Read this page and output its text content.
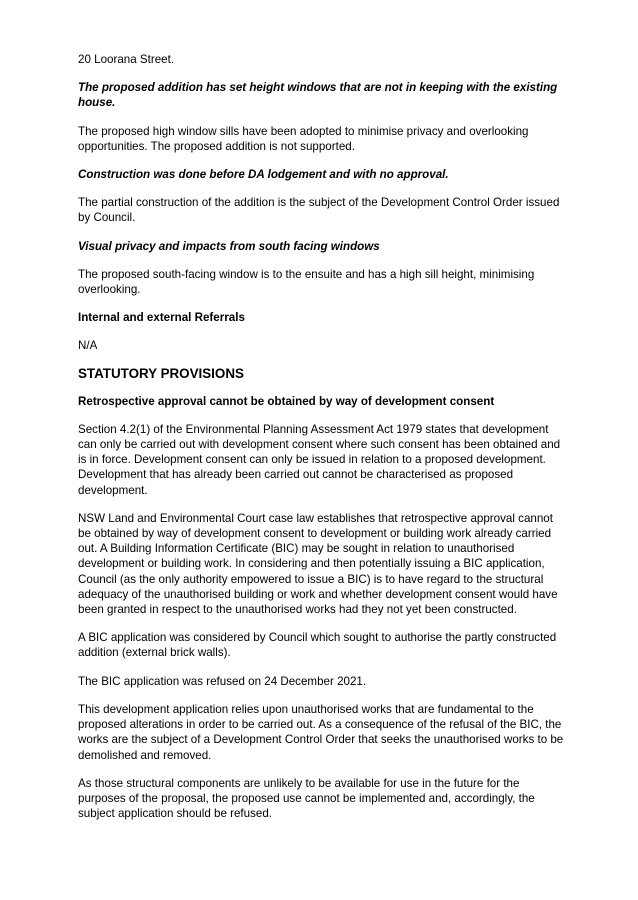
20 Loorana Street.

The proposed addition has set height windows that are not in keeping with the existing house.

The proposed high window sills have been adopted to minimise privacy and overlooking opportunities. The proposed addition is not supported.

Construction was done before DA lodgement and with no approval.

The partial construction of the addition is the subject of the Development Control Order issued by Council.

Visual privacy and impacts from south facing windows

The proposed south-facing window is to the ensuite and has a high sill height, minimising overlooking.

Internal and external Referrals

N/A

STATUTORY PROVISIONS

Retrospective approval cannot be obtained by way of development consent

Section 4.2(1) of the Environmental Planning Assessment Act 1979 states that development can only be carried out with development consent where such consent has been obtained and is in force. Development consent can only be issued in relation to a proposed development. Development that has already been carried out cannot be characterised as proposed development.

NSW Land and Environmental Court case law establishes that retrospective approval cannot be obtained by way of development consent to development or building work already carried out. A Building Information Certificate (BIC) may be sought in relation to unauthorised development or building work. In considering and then potentially issuing a BIC application, Council (as the only authority empowered to issue a BIC) is to have regard to the structural adequacy of the unauthorised building or work and whether development consent would have been granted in respect to the unauthorised works had they not yet been constructed.

A BIC application was considered by Council which sought to authorise the partly constructed addition (external brick walls).

The BIC application was refused on 24 December 2021.

This development application relies upon unauthorised works that are fundamental to the proposed alterations in order to be carried out. As a consequence of the refusal of the BIC, the works are the subject of a Development Control Order that seeks the unauthorised works to be demolished and removed.

As those structural components are unlikely to be available for use in the future for the purposes of the proposal, the proposed use cannot be implemented and, accordingly, the subject application should be refused.
